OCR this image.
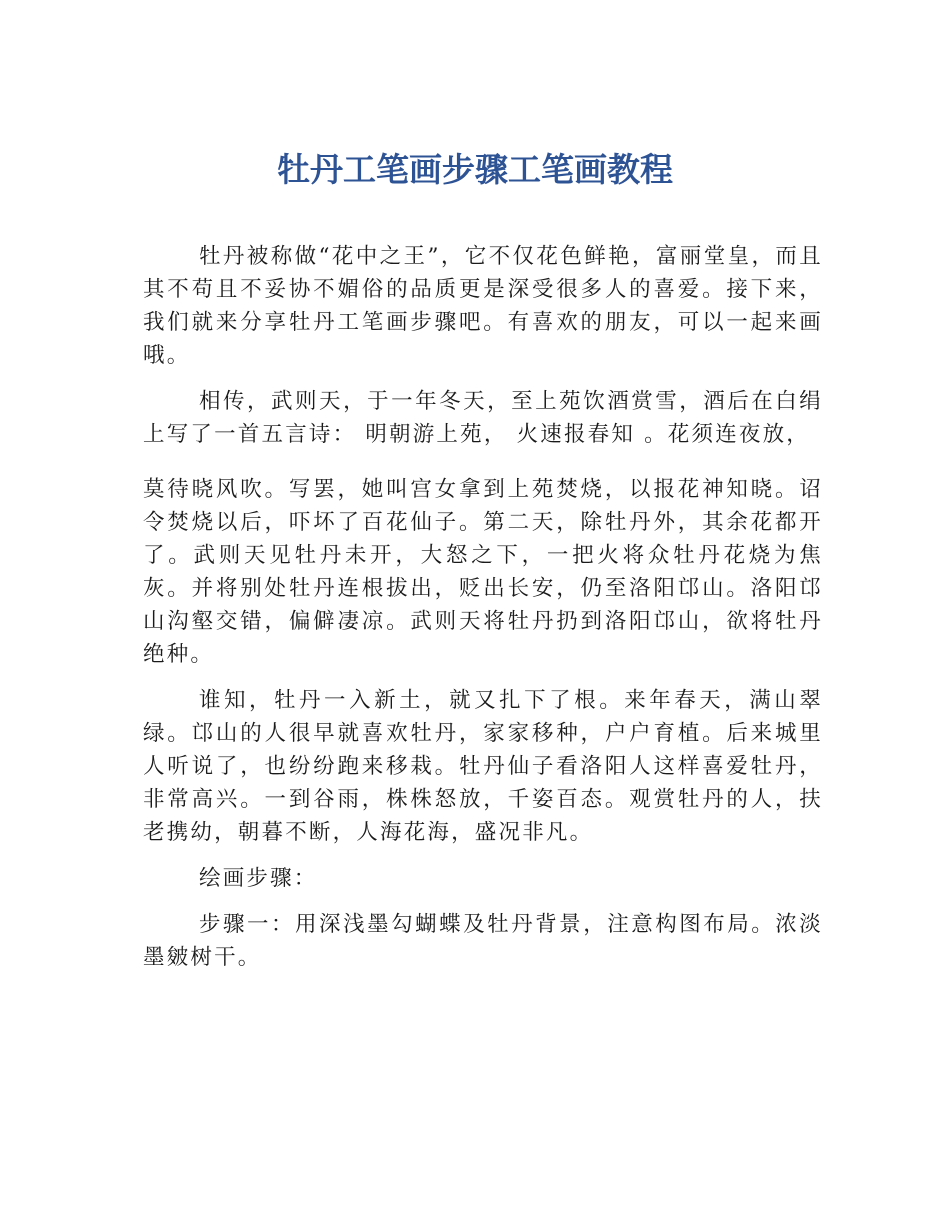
牡丹工笔画步骤工笔画教程

牡丹被称做“花中之王”，它不仅花色鲜艳，富丽堂皇，而且其不苟且不妥协不媚俗的品质更是深受很多人的喜爱。接下来，我们就来分享牡丹工笔画步骤吧。有喜欢的朋友，可以一起来画哦。

相传，武则天，于一年冬天，至上苑饮酒赏雪，酒后在白绢上写了一首五言诗： 明朝游上苑， 火速报春知 。花须连夜放，

莫待晓风吹。写罢，她叫宫女拿到上苑焚烧，以报花神知晓。诏令焚烧以后，吓坏了百花仙子。第二天，除牡丹外，其余花都开了。武则天见牡丹未开，大怒之下，一把火将众牡丹花烧为焦灰。并将别处牡丹连根拔出，贬出长安，仍至洛阳邙山。洛阳邙山沟壑交错，偏僻凄凉。武则天将牡丹扔到洛阳邙山，欲将牡丹绝种。

谁知，牡丹一入新土，就又扎下了根。来年春天，满山翠绿。邙山的人很早就喜欢牡丹，家家移种，户户育植。后来城里人听说了，也纷纷跑来移栽。牡丹仙子看洛阳人这样喜爱牡丹，非常高兴。一到谷雨，株株怒放，千姿百态。观赏牡丹的人，扶老携幼，朝暮不断，人海花海，盛况非凡。

绘画步骤：

步骤一：用深浅墨勾蝴蝶及牡丹背景，注意构图布局。浓淡墨皴树干。
